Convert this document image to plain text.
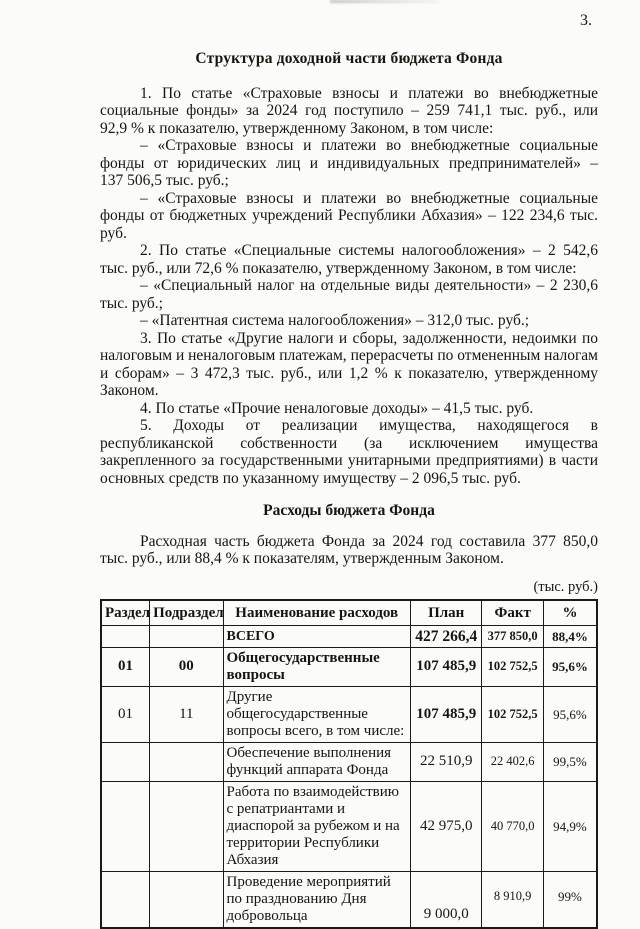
3.
Структура доходной части бюджета Фонда

1. По статье «Страховые взносы и платежи во внебюджетные социальные фонды» за 2024 год поступило – 259 741,1 тыс. руб., или 92,9 % к показателю, утвержденному Законом, в том числе:

– «Страховые взносы и платежи во внебюджетные социальные фонды от юридических лиц и индивидуальных предпринимателей» – 137 506,5 тыс. руб.;

– «Страховые взносы и платежи во внебюджетные социальные фонды от бюджетных учреждений Республики Абхазия» – 122 234,6 тыс. руб.

2. По статье «Специальные системы налогообложения» – 2 542,6 тыс. руб., или 72,6 % показателю, утвержденному Законом, в том числе:

– «Специальный налог на отдельные виды деятельности» – 2 230,6 тыс. руб.;

– «Патентная система налогообложения» – 312,0 тыс. руб.;

3. По статье «Другие налоги и сборы, задолженности, недоимки по налоговым и неналоговым платежам, перерасчеты по отмененным налогам и сборам» – 3 472,3 тыс. руб., или 1,2 % к показателю, утвержденному Законом.

4. По статье «Прочие неналоговые доходы» – 41,5 тыс. руб.

5. Доходы от реализации имущества, находящегося в республиканской собственности (за исключением имущества закрепленного за государственными унитарными предприятиями) в части основных средств по указанному имуществу – 2 096,5 тыс. руб.

Расходы бюджета Фонда

Расходная часть бюджета Фонда за 2024 год составила 377 850,0 тыс. руб., или 88,4 % к показателям, утвержденным Законом.

(тыс. руб.)
Раздел	Подраздел	Наименование расходов	План	Факт	%
		ВСЕГО	427 266,4	377 850,0	88,4%
01	00	Общегосударственные вопросы	107 485,9	102 752,5	95,6%
01	11	Другие общегосударственные вопросы всего, в том числе:	107 485,9	102 752,5	95,6%
		Обеспечение выполнения функций аппарата Фонда	22 510,9	22 402,6	99,5%
		Работа по взаимодействию с репатриантами и диаспорой за рубежом и на территории Республики Абхазия	42 975,0	40 770,0	94,9%
		Проведение мероприятий по празднованию Дня добровольца	9 000,0	8 910,9	99%
